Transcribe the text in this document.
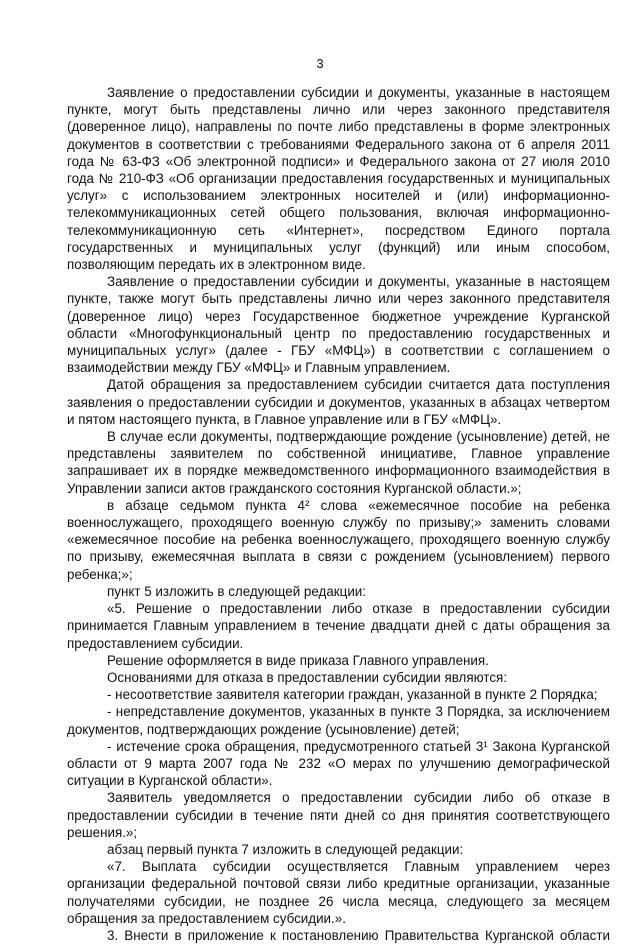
3

Заявление о предоставлении субсидии и документы, указанные в настоящем пункте, могут быть представлены лично или через законного представителя (доверенное лицо), направлены по почте либо представлены в форме электронных документов в соответствии с требованиями Федерального закона от 6 апреля 2011 года № 63-ФЗ «Об электронной подписи» и Федерального закона от 27 июля 2010 года № 210-ФЗ «Об организации предоставления государственных и муниципальных услуг» с использованием электронных носителей и (или) информационно-телекоммуникационных сетей общего пользования, включая информационно-телекоммуникационную сеть «Интернет», посредством Единого портала государственных и муниципальных услуг (функций) или иным способом, позволяющим передать их в электронном виде.

Заявление о предоставлении субсидии и документы, указанные в настоящем пункте, также могут быть представлены лично или через законного представителя (доверенное лицо) через Государственное бюджетное учреждение Курганской области «Многофункциональный центр по предоставлению государственных и муниципальных услуг» (далее - ГБУ «МФЦ») в соответствии с соглашением о взаимодействии между ГБУ «МФЦ» и Главным управлением.

Датой обращения за предоставлением субсидии считается дата поступления заявления о предоставлении субсидии и документов, указанных в абзацах четвертом и пятом настоящего пункта, в Главное управление или в ГБУ «МФЦ».

В случае если документы, подтверждающие рождение (усыновление) детей, не представлены заявителем по собственной инициативе, Главное управление запрашивает их в порядке межведомственного информационного взаимодействия в Управлении записи актов гражданского состояния Курганской области.»;

в абзаце седьмом пункта 4² слова «ежемесячное пособие на ребенка военнослужащего, проходящего военную службу по призыву;» заменить словами «ежемесячное пособие на ребенка военнослужащего, проходящего военную службу по призыву, ежемесячная выплата в связи с рождением (усыновлением) первого ребенка;»;

пункт 5 изложить в следующей редакции:

«5. Решение о предоставлении либо отказе в предоставлении субсидии принимается Главным управлением в течение двадцати дней с даты обращения за предоставлением субсидии.

Решение оформляется в виде приказа Главного управления.

Основаниями для отказа в предоставлении субсидии являются:

- несоответствие заявителя категории граждан, указанной в пункте 2 Порядка;

- непредставление документов, указанных в пункте 3 Порядка, за исключением документов, подтверждающих рождение (усыновление) детей;

- истечение срока обращения, предусмотренного статьей 3¹ Закона Курганской области от 9 марта 2007 года № 232 «О мерах по улучшению демографической ситуации в Курганской области».

Заявитель уведомляется о предоставлении субсидии либо об отказе в предоставлении субсидии в течение пяти дней со дня принятия соответствующего решения.»;

абзац первый пункта 7 изложить в следующей редакции:

«7. Выплата субсидии осуществляется Главным управлением через организации федеральной почтовой связи либо кредитные организации, указанные получателями субсидии, не позднее 26 числа месяца, следующего за месяцем обращения за предоставлением субсидии.».

3. Внести в приложение к постановлению Правительства Курганской области
